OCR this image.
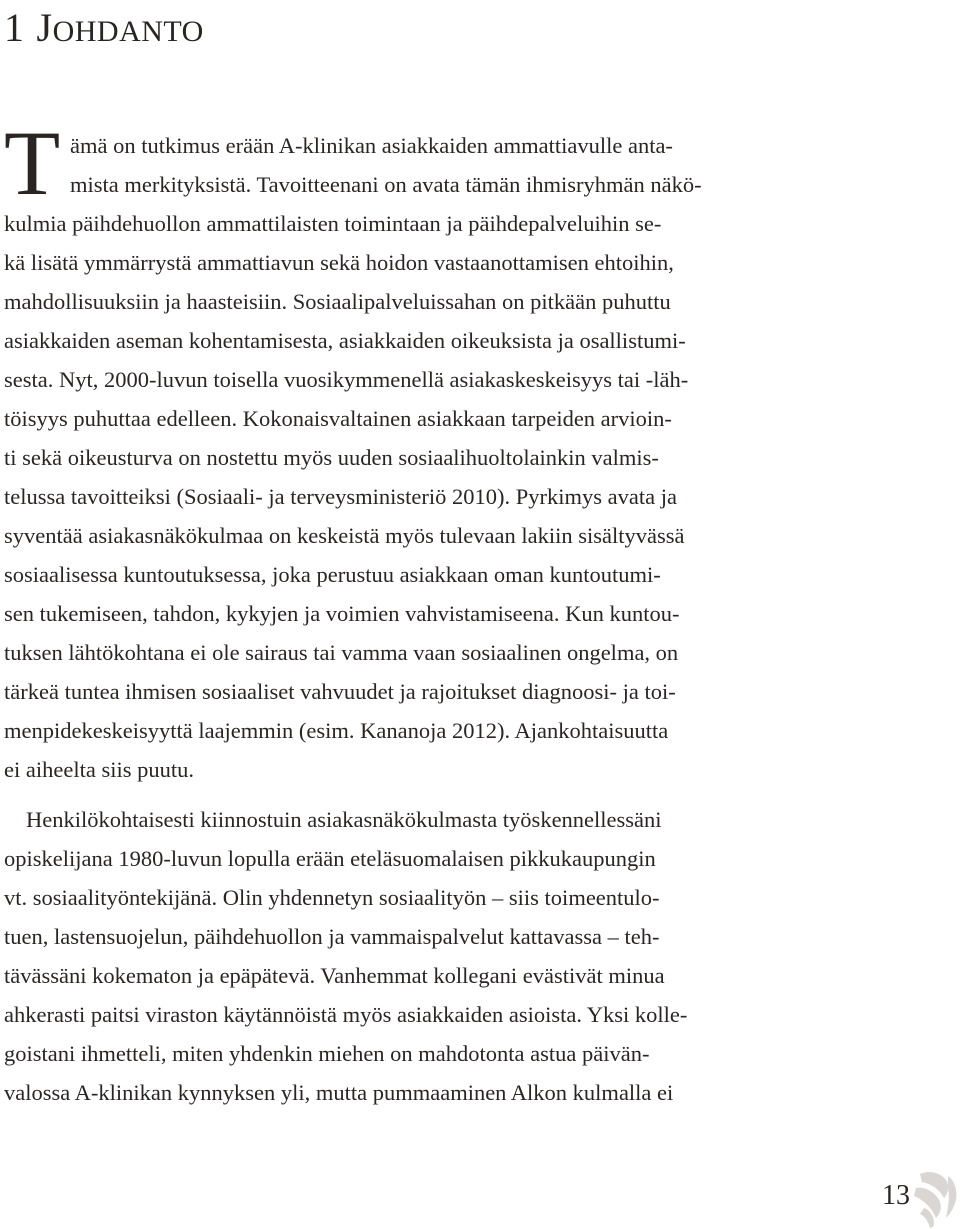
1 JOHDANTO
T ämä on tutkimus erään A-klinikan asiakkaiden ammattiavulle anta-
mista merkityksistä. Tavoitteenani on avata tämän ihmisryhmän näkö-
kulmia päihdehuollon ammattilaisten toimintaan ja päihdepalveluihin se-
kä lisätä ymmärrystä ammattiavun sekä hoidon vastaanottamisen ehtoihin,
mahdollisuuksiin ja haasteisiin. Sosiaalipalveluissahan on pitkään puhuttu
asiakkaiden aseman kohentamisesta, asiakkaiden oikeuksista ja osallistumi-
sesta. Nyt, 2000-luvun toisella vuosikymmenellä asiakaskeskeisyys tai -läh-
töisyys puhuttaa edelleen. Kokonaisvaltainen asiakkaan tarpeiden arvioin-
ti sekä oikeusturva on nostettu myös uuden sosiaalihuoltolainkin valmis-
telussa tavoitteiksi (Sosiaali- ja terveysministeriö 2010). Pyrkimys avata ja
syventää asiakasnäkökulmaa on keskeistä myös tulevaan lakiin sisältyvässä
sosiaalisessa kuntoutuksessa, joka perustuu asiakkaan oman kuntoutumi-
sen tukemiseen, tahdon, kykyjen ja voimien vahvistamiseena. Kun kuntou-
tuksen lähtökohtana ei ole sairaus tai vamma vaan sosiaalinen ongelma, on
tärkeä tuntea ihmisen sosiaaliset vahvuudet ja rajoitukset diagnoosi- ja toi-
menpidekeskeisyyttä laajemmin (esim. Kananoja 2012). Ajankohtaisuutta
ei aiheelta siis puutu.
Henkilökohtaisesti kiinnostuin asiakasnäkökulmasta työskennellessäni
opiskelijana 1980-luvun lopulla erään eteläsuomalaisen pikkukaupungin
vt. sosiaalityöntekijänä. Olin yhdennetyn sosiaalityön – siis toimeentulo-
tuen, lastensuojelun, päihdehuollon ja vammaispalvelut kattavassa – teh-
tävässäni kokematon ja epäpätevä. Vanhemmat kollegani evästivät minua
ahkerasti paitsi viraston käytännöistä myös asiakkaiden asioista. Yksi kolle-
goistani ihmetteli, miten yhdenkin miehen on mahdotonta astua päivän-
valossa A-klinikan kynnyksen yli, mutta pummaaminen Alkon kulmalla ei
13
